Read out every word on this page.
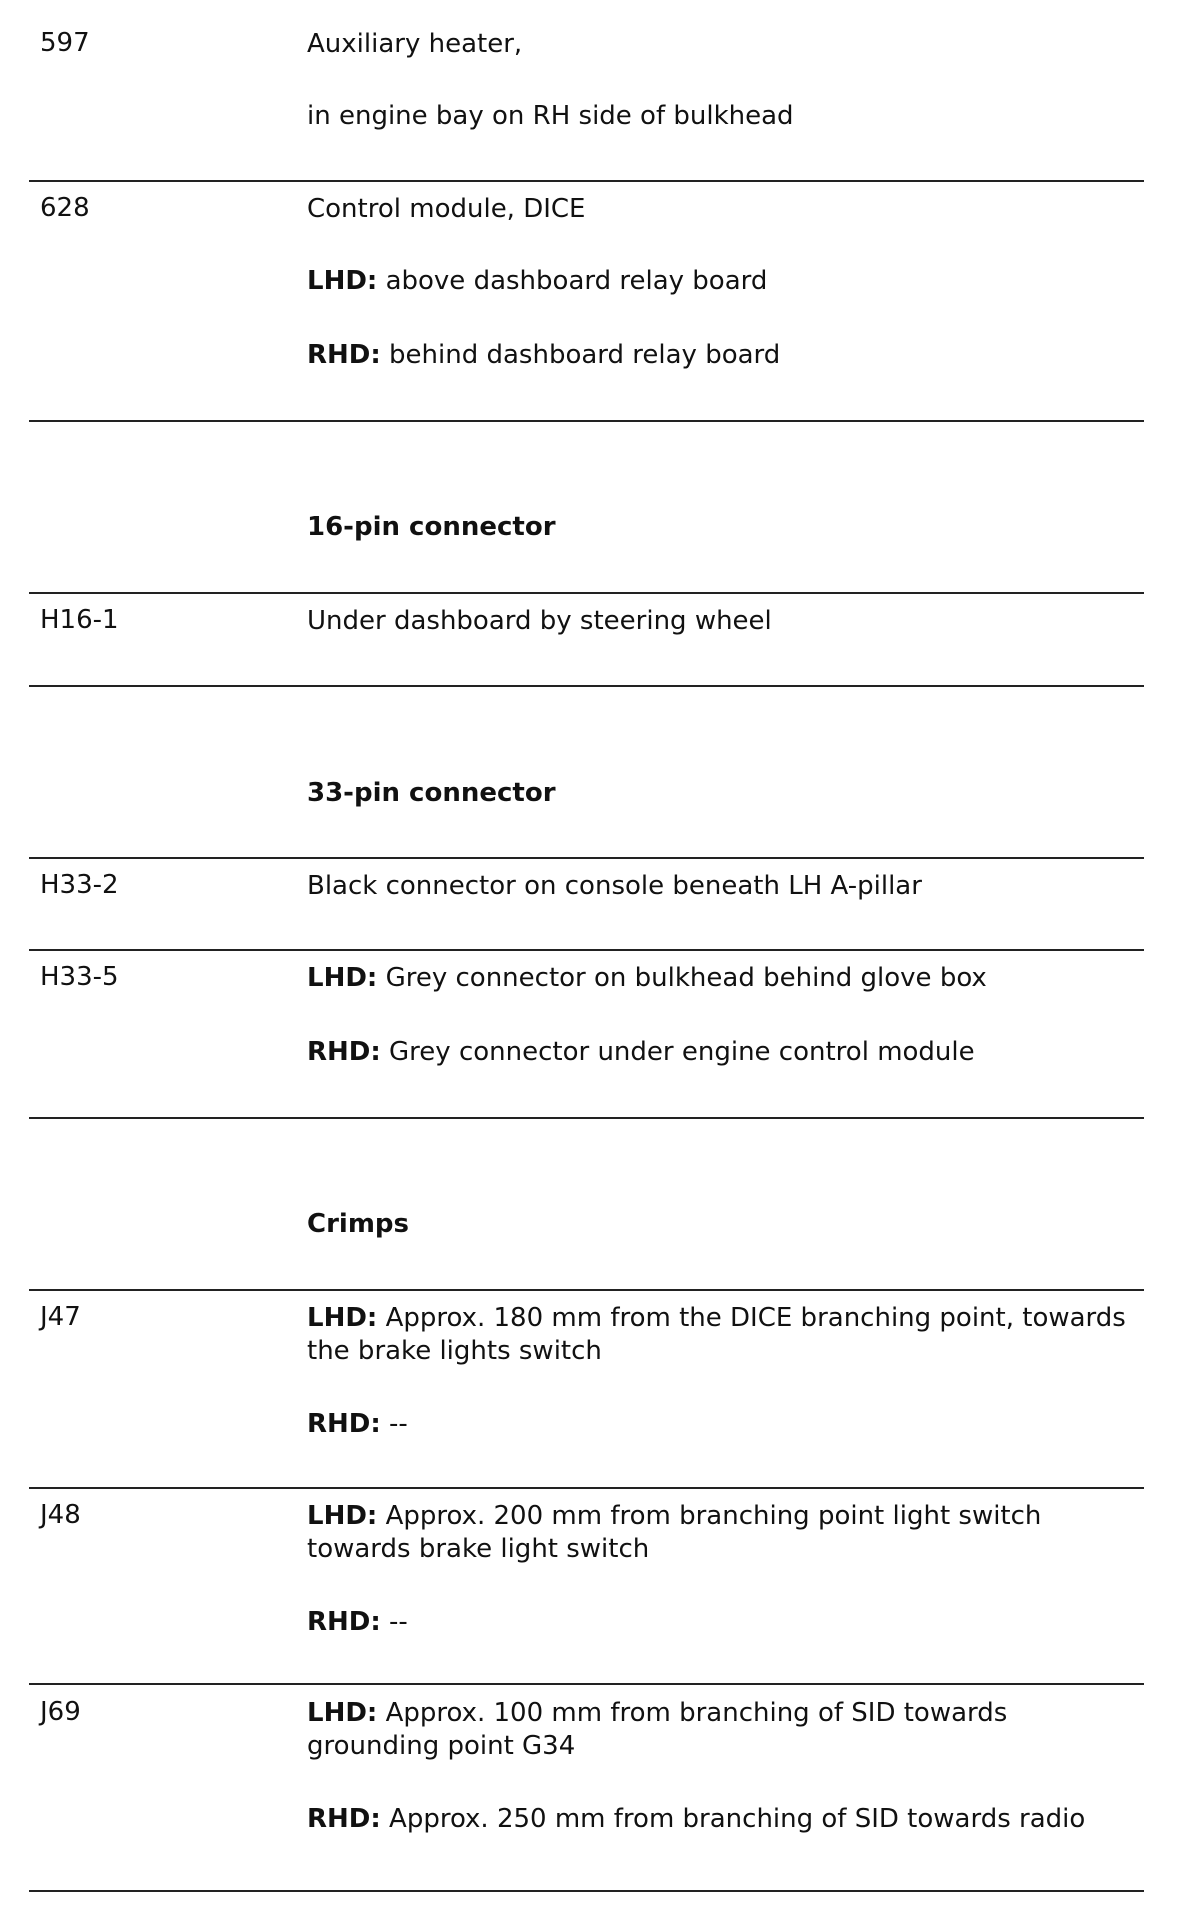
597	Auxiliary heater,
in engine bay on RH side of bulkhead
628	Control module, DICE
LHD: above dashboard relay board
RHD: behind dashboard relay board
16-pin connector
H16-1	Under dashboard by steering wheel
33-pin connector
H33-2	Black connector on console beneath LH A-pillar
H33-5	LHD: Grey connector on bulkhead behind glove box
RHD: Grey connector under engine control module
Crimps
J47	LHD: Approx. 180 mm from the DICE branching point, towards the brake lights switch
RHD: --
J48	LHD: Approx. 200 mm from branching point light switch towards brake light switch
RHD: --
J69	LHD: Approx. 100 mm from branching of SID towards grounding point G34
RHD: Approx. 250 mm from branching of SID towards radio
